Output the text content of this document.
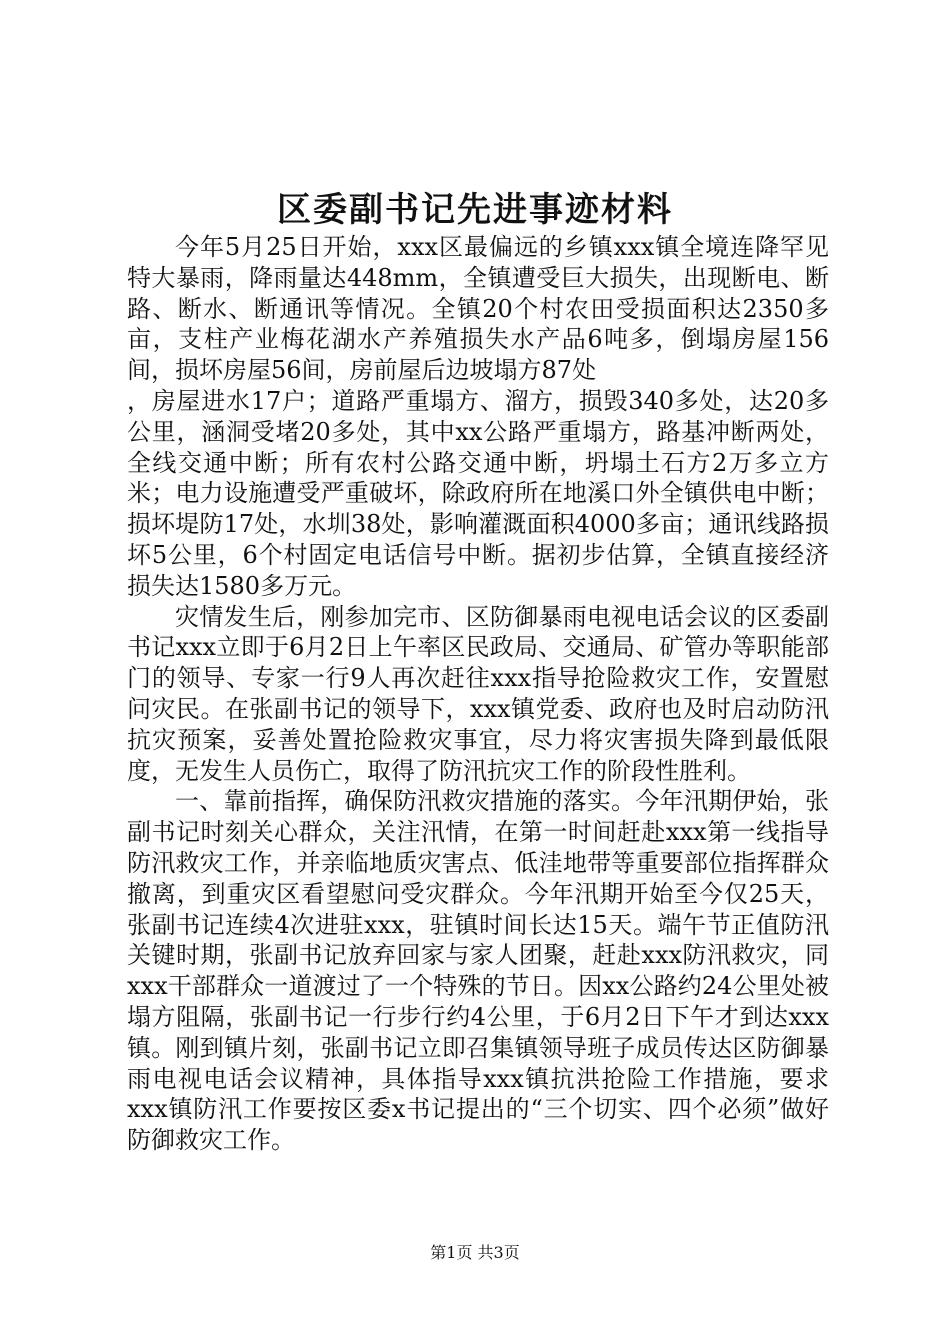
区委副书记先进事迹材料

今年5月25日开始，xxx区最偏远的乡镇xxx镇全境连降罕见特大暴雨，降雨量达448mm，全镇遭受巨大损失，出现断电、断路、断水、断通讯等情况。全镇20个村农田受损面积达2350多亩，支柱产业梅花湖水产养殖损失水产品6吨多，倒塌房屋156间，损坏房屋56间，房前屋后边坡塌方87处

，房屋进水17户；道路严重塌方、溜方，损毁340多处，达20多公里，涵洞受堵20多处，其中xx公路严重塌方，路基冲断两处，全线交通中断；所有农村公路交通中断，坍塌土石方2万多立方米；电力设施遭受严重破坏，除政府所在地溪口外全镇供电中断；损坏堤防17处，水圳38处，影响灌溉面积4000多亩；通讯线路损坏5公里，6个村固定电话信号中断。据初步估算，全镇直接经济损失达1580多万元。

灾情发生后，刚参加完市、区防御暴雨电视电话会议的区委副书记xxx立即于6月2日上午率区民政局、交通局、矿管办等职能部门的领导、专家一行9人再次赶往xxx指导抢险救灾工作，安置慰问灾民。在张副书记的领导下，xxx镇党委、政府也及时启动防汛抗灾预案，妥善处置抢险救灾事宜，尽力将灾害损失降到最低限度，无发生人员伤亡，取得了防汛抗灾工作的阶段性胜利。

一、靠前指挥，确保防汛救灾措施的落实。今年汛期伊始，张副书记时刻关心群众，关注汛情，在第一时间赶赴xxx第一线指导防汛救灾工作，并亲临地质灾害点、低洼地带等重要部位指挥群众撤离，到重灾区看望慰问受灾群众。今年汛期开始至今仅25天，张副书记连续4次进驻xxx，驻镇时间长达15天。端午节正值防汛关键时期，张副书记放弃回家与家人团聚，赶赴xxx防汛救灾，同xxx干部群众一道渡过了一个特殊的节日。因xx公路约24公里处被塌方阻隔，张副书记一行步行约4公里，于6月2日下午才到达xxx镇。刚到镇片刻，张副书记立即召集镇领导班子成员传达区防御暴雨电视电话会议精神，具体指导xxx镇抗洪抢险工作措施，要求xxx镇防汛工作要按区委x书记提出的“三个切实、四个必须”做好防御救灾工作。

第1页 共3页
